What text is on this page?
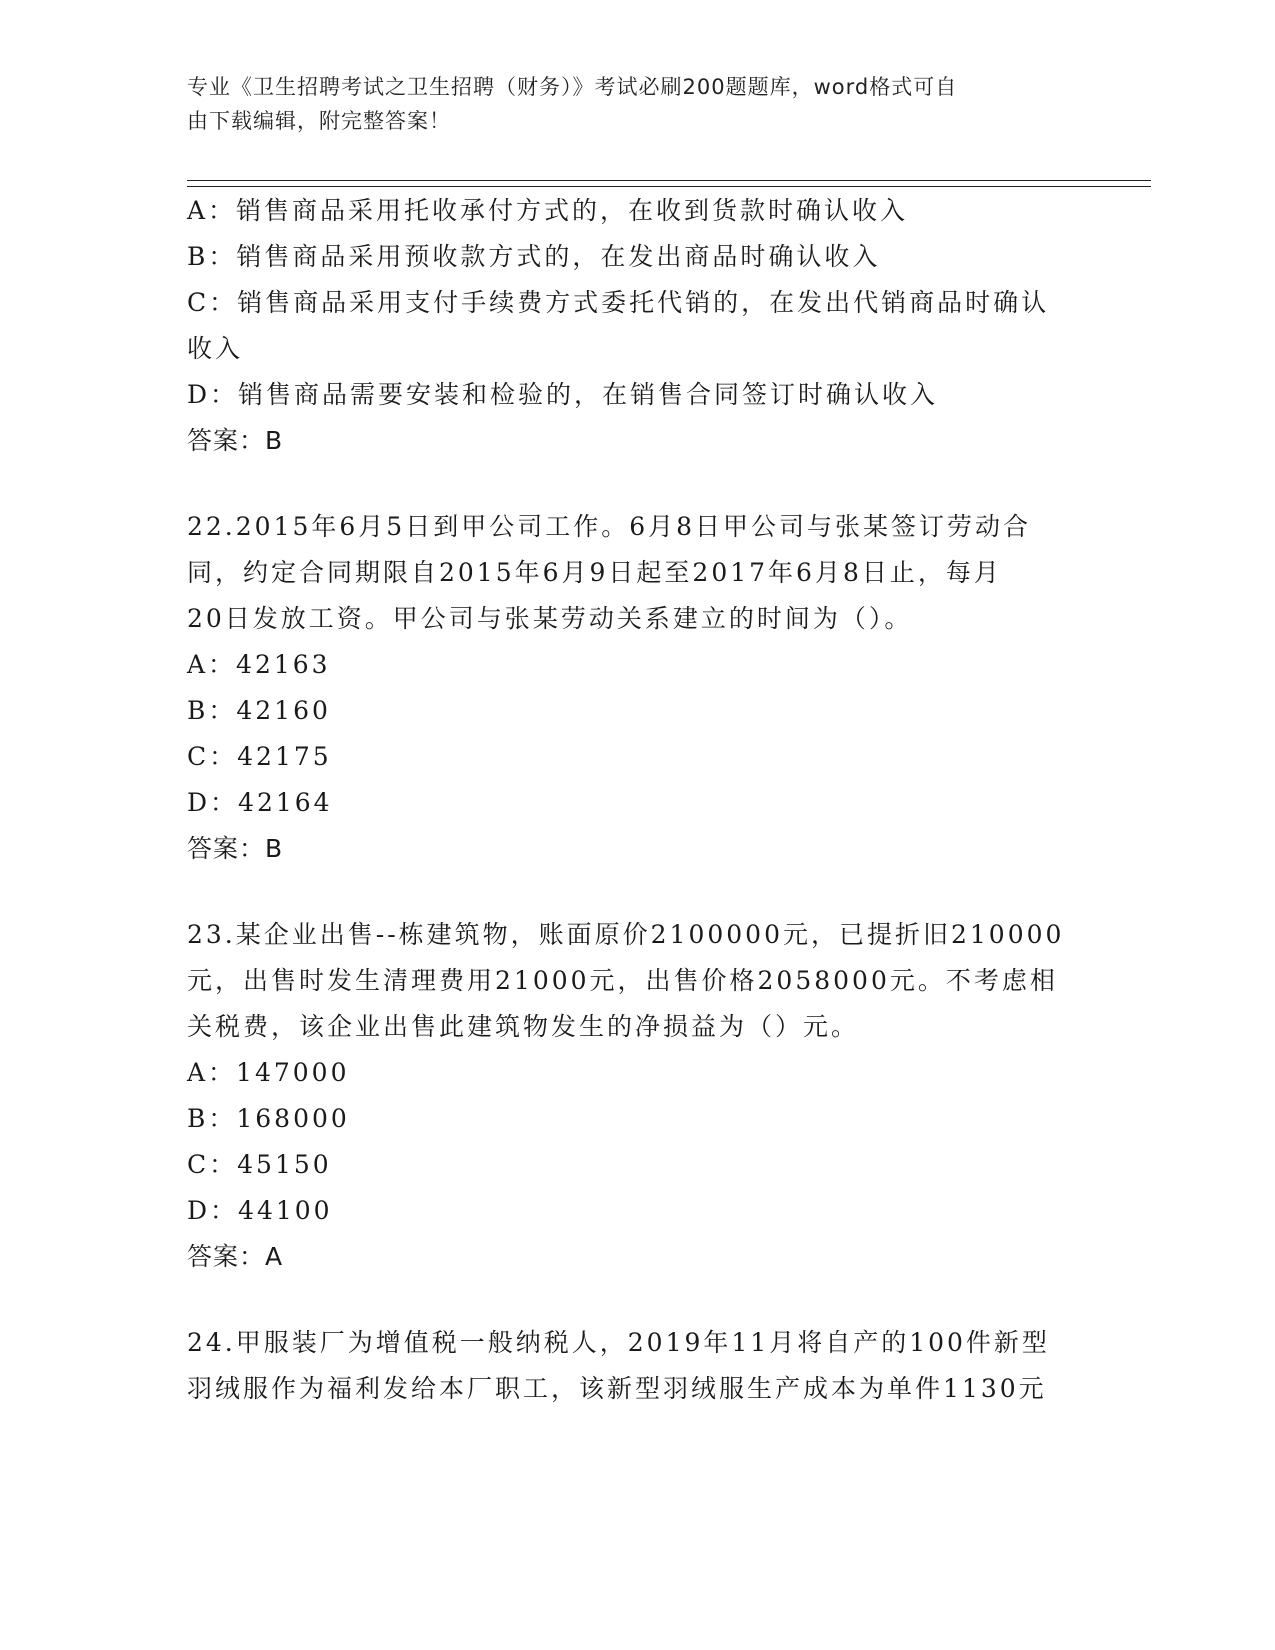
专业《卫生招聘考试之卫生招聘（财务）》考试必刷200题题库，word格式可自
由下载编辑，附完整答案！
A：销售商品采用托收承付方式的，在收到货款时确认收入
B：销售商品采用预收款方式的，在发出商品时确认收入
C：销售商品采用支付手续费方式委托代销的，在发出代销商品时确认
收入
D：销售商品需要安装和检验的，在销售合同签订时确认收入
答案：B
22.2015年6月5日到甲公司工作。6月8日甲公司与张某签订劳动合
同，约定合同期限自2015年6月9日起至2017年6月8日止，每月
20日发放工资。甲公司与张某劳动关系建立的时间为（）。
A：42163
B：42160
C：42175
D：42164
答案：B
23.某企业出售--栋建筑物，账面原价2100000元，已提折旧210000
元，出售时发生清理费用21000元，出售价格2058000元。不考虑相
关税费，该企业出售此建筑物发生的净损益为（）元。
A：147000
B：168000
C：45150
D：44100
答案：A
24.甲服装厂为增值税一般纳税人，2019年11月将自产的100件新型
羽绒服作为福利发给本厂职工，该新型羽绒服生产成本为单件1130元
